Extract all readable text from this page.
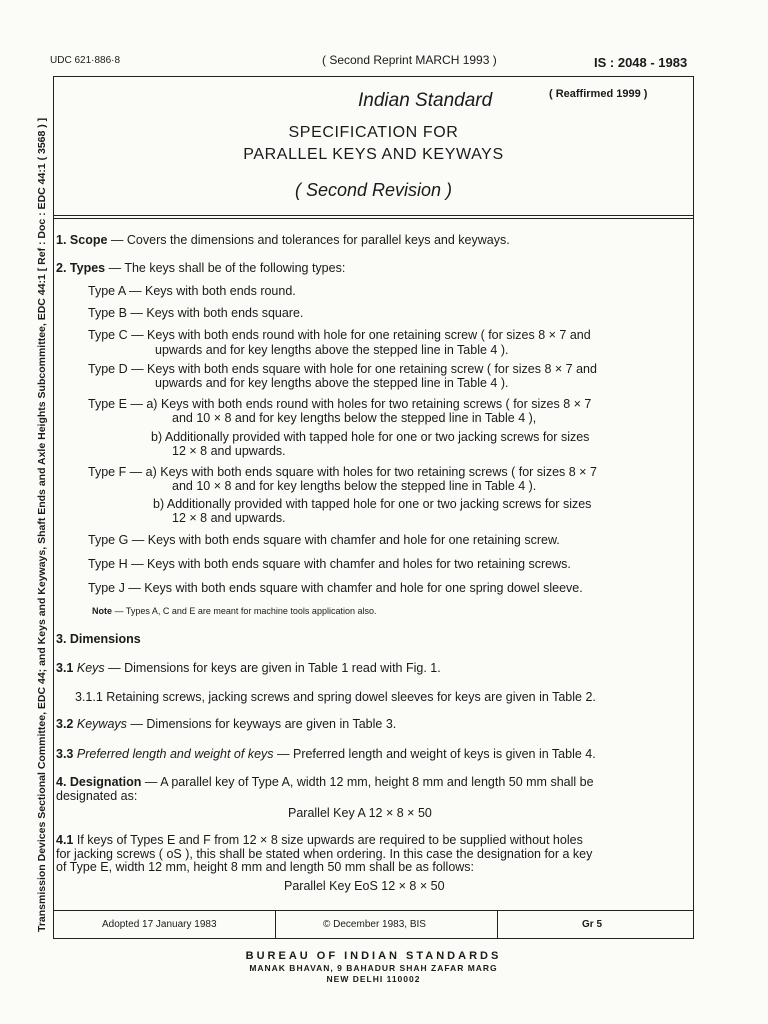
UDC 621·886·8	( Second Reprint MARCH 1993 )	IS : 2048 - 1983
Transmission Devices Sectional Committee, EDC 44; and Keys and Keyways, Shaft Ends and Axle Heights Subcommittee, EDC 44:1 [ Ref : Doc : EDC 44:1 ( 3568 ) ]
Indian Standard	( Reaffirmed 1999 )
SPECIFICATION FOR
PARALLEL KEYS AND KEYWAYS
( Second Revision )
1. Scope — Covers the dimensions and tolerances for parallel keys and keyways.
2. Types — The keys shall be of the following types:
Type A — Keys with both ends round.
Type B — Keys with both ends square.
Type C — Keys with both ends round with hole for one retaining screw ( for sizes 8 × 7 and
upwards and for key lengths above the stepped line in Table 4 ).
Type D — Keys with both ends square with hole for one retaining screw ( for sizes 8 × 7 and
upwards and for key lengths above the stepped line in Table 4 ).
Type E — a) Keys with both ends round with holes for two retaining screws ( for sizes 8 × 7
and 10 × 8 and for key lengths below the stepped line in Table 4 ),
b) Additionally provided with tapped hole for one or two jacking screws for sizes
12 × 8 and upwards.
Type F — a) Keys with both ends square with holes for two retaining screws ( for sizes 8 × 7
and 10 × 8 and for key lengths below the stepped line in Table 4 ).
b) Additionally provided with tapped hole for one or two jacking screws for sizes
12 × 8 and upwards.
Type G — Keys with both ends square with chamfer and hole for one retaining screw.
Type H — Keys with both ends square with chamfer and holes for two retaining screws.
Type J — Keys with both ends square with chamfer and hole for one spring dowel sleeve.
Note — Types A, C and E are meant for machine tools application also.
3. Dimensions
3.1 Keys — Dimensions for keys are given in Table 1 read with Fig. 1.
3.1.1 Retaining screws, jacking screws and spring dowel sleeves for keys are given in Table 2.
3.2 Keyways — Dimensions for keyways are given in Table 3.
3.3 Preferred length and weight of keys — Preferred length and weight of keys is given in Table 4.
4. Designation — A parallel key of Type A, width 12 mm, height 8 mm and length 50 mm shall be
designated as:
Parallel Key A 12 × 8 × 50
4.1 If keys of Types E and F from 12 × 8 size upwards are required to be supplied without holes
for jacking screws ( oS ), this shall be stated when ordering. In this case the designation for a key
of Type E, width 12 mm, height 8 mm and length 50 mm shall be as follows:
Parallel Key EoS 12 × 8 × 50
Adopted 17 January 1983	© December 1983, BIS	Gr 5
BUREAU OF INDIAN STANDARDS
MANAK BHAVAN, 9 BAHADUR SHAH ZAFAR MARG
NEW DELHI 110002
